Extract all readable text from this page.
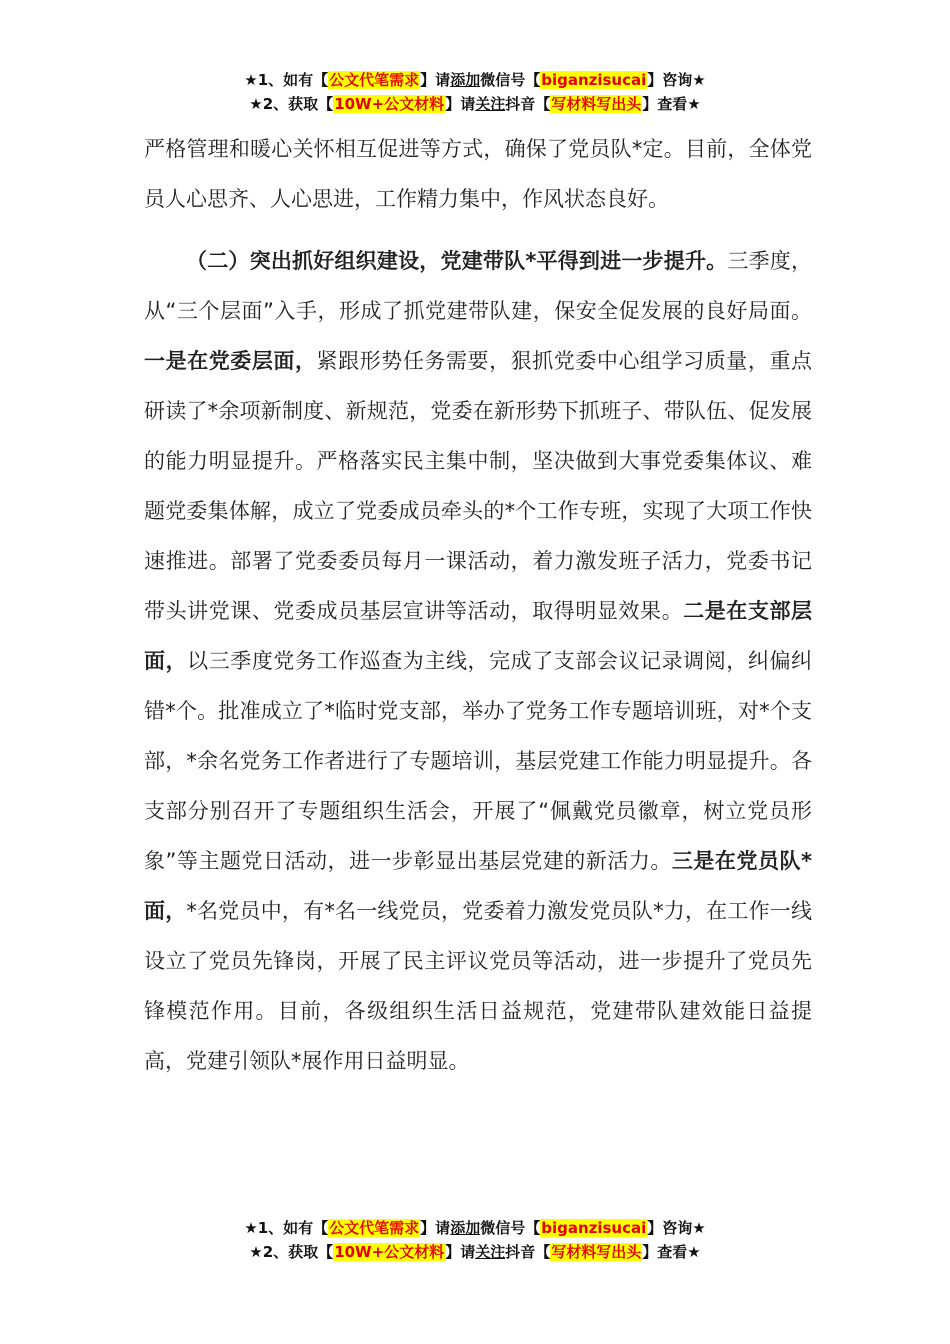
★1、如有【公文代笔需求】请添加微信号【biganzisucai】咨询★
★2、获取【10W+公文材料】请关注抖音【写材料写出头】查看★

严格管理和暖心关怀相互促进等方式，确保了党员队*定。目前，全体党员人心思齐、人心思进，工作精力集中，作风状态良好。

（二）突出抓好组织建设，党建带队*平得到进一步提升。三季度，从“三个层面”入手，形成了抓党建带队建，保安全促发展的良好局面。一是在党委层面，紧跟形势任务需要，狠抓党委中心组学习质量，重点研读了*余项新制度、新规范，党委在新形势下抓班子、带队伍、促发展的能力明显提升。严格落实民主集中制，坚决做到大事党委集体议、难题党委集体解，成立了党委成员牵头的*个工作专班，实现了大项工作快速推进。部署了党委委员每月一课活动，着力激发班子活力，党委书记带头讲党课、党委成员基层宣讲等活动，取得明显效果。二是在支部层面，以三季度党务工作巡查为主线，完成了支部会议记录调阅，纠偏纠错*个。批准成立了*临时党支部，举办了党务工作专题培训班，对*个支部，*余名党务工作者进行了专题培训，基层党建工作能力明显提升。各支部分别召开了专题组织生活会，开展了“佩戴党员徽章，树立党员形象”等主题党日活动，进一步彰显出基层党建的新活力。三是在党员队*面，*名党员中，有*名一线党员，党委着力激发党员队*力，在工作一线设立了党员先锋岗，开展了民主评议党员等活动，进一步提升了党员先锋模范作用。目前，各级组织生活日益规范，党建带队建效能日益提高，党建引领队*展作用日益明显。

★1、如有【公文代笔需求】请添加微信号【biganzisucai】咨询★
★2、获取【10W+公文材料】请关注抖音【写材料写出头】查看★
